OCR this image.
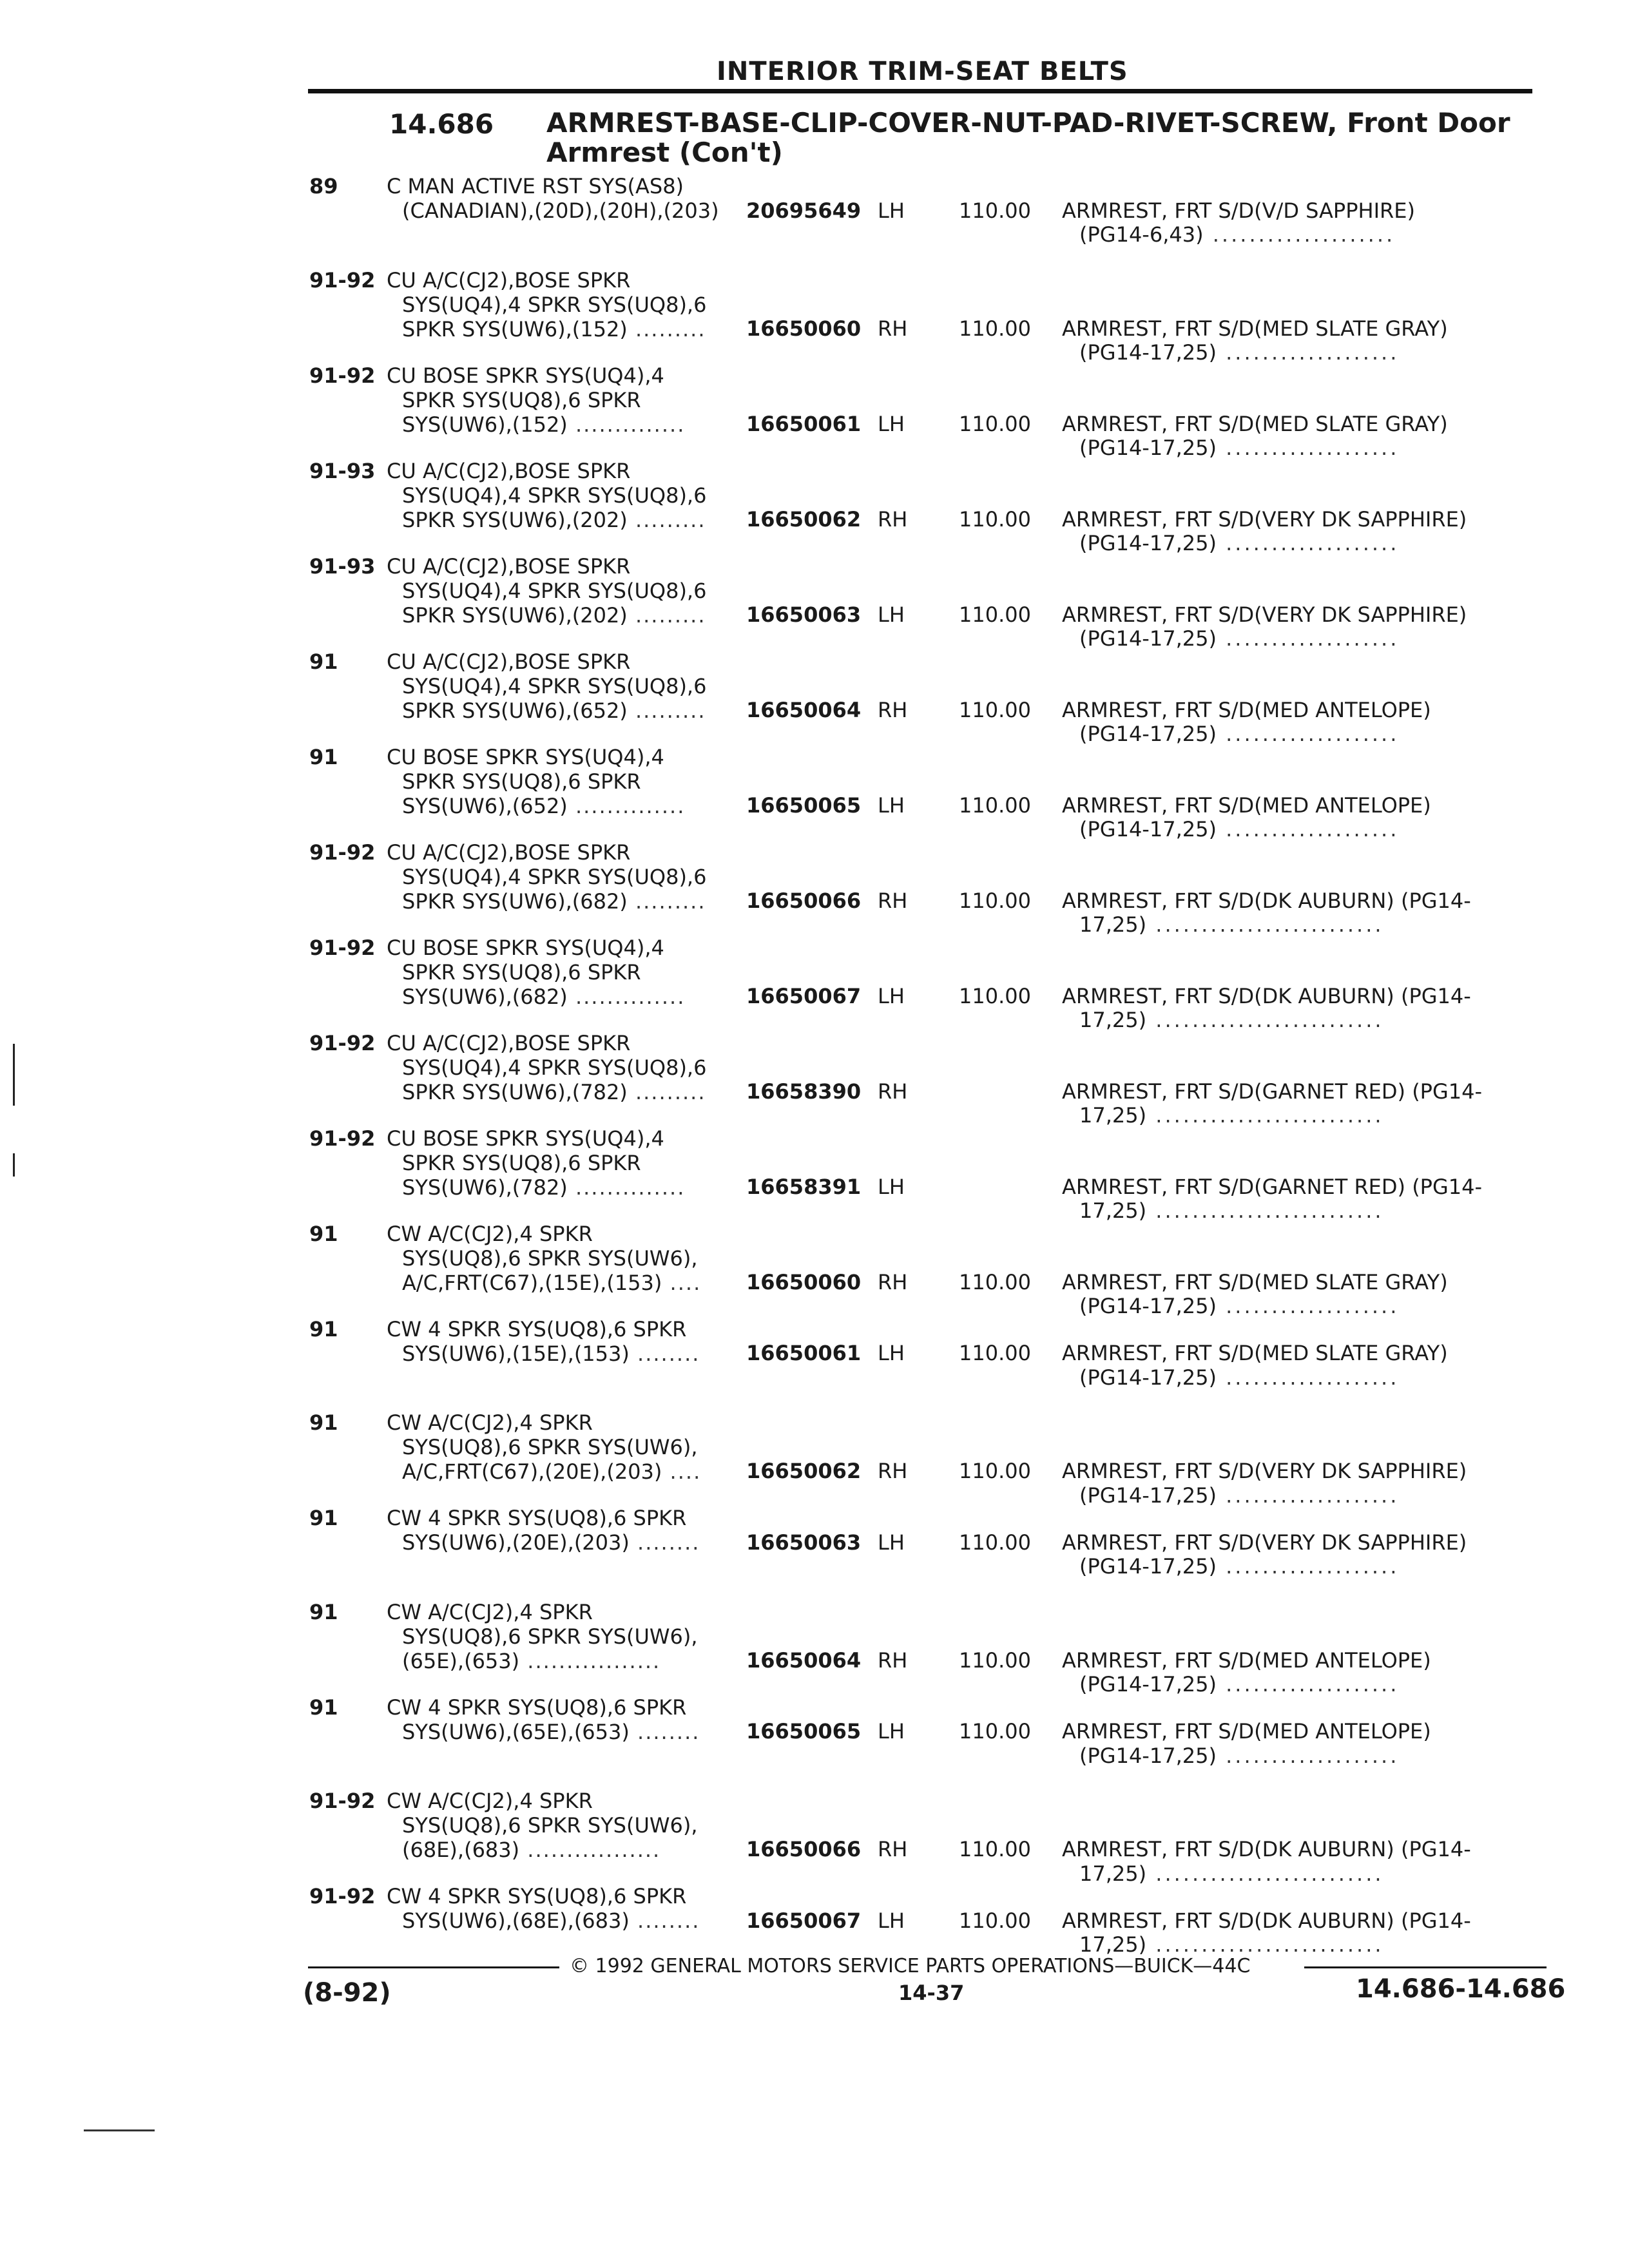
INTERIOR TRIM-SEAT BELTS
14.686 ARMREST-BASE-CLIP-COVER-NUT-PAD-RIVET-SCREW, Front Door
Armrest (Con't)
89 C MAN ACTIVE RST SYS(AS8)
(CANADIAN),(20D),(20H),(203) 20695649 LH	110.00 ARMREST, FRT S/D(V/D SAPPHIRE)
(PG14-6,43) ....................
91-92 CU A/C(CJ2),BOSE SPKR
SYS(UQ4),4 SPKR SYS(UQ8),6
SPKR SYS(UW6),(152) ......... 16650060 RH 110.00 ARMREST, FRT S/D(MED SLATE GRAY)
(PG14-17,25) ...................
91-92 CU BOSE SPKR SYS(UQ4),4
SPKR SYS(UQ8),6 SPKR
SYS(UW6),(152) ..............	16650061 LH	110.00 ARMREST, FRT S/D(MED SLATE GRAY)
(PG14-17,25) ...................
91-93 CU A/C(CJ2),BOSE SPKR
SYS(UQ4),4 SPKR SYS(UQ8),6
SPKR SYS(UW6),(202) ......... 16650062 RH 110.00 ARMREST, FRT S/D(VERY DK SAPPHIRE)
(PG14-17,25) ...................
91-93 CU A/C(CJ2),BOSE SPKR
SYS(UQ4),4 SPKR SYS(UQ8),6
SPKR SYS(UW6),(202) ......... 16650063 LH	110.00 ARMREST, FRT S/D(VERY DK SAPPHIRE)
(PG14-17,25) ...................
91 CU A/C(CJ2),BOSE SPKR
SYS(UQ4),4 SPKR SYS(UQ8),6
SPKR SYS(UW6),(652) ......... 16650064 RH 110.00 ARMREST, FRT S/D(MED ANTELOPE)
(PG14-17,25) ...................
91 CU BOSE SPKR SYS(UQ4),4
SPKR SYS(UQ8),6 SPKR
SYS(UW6),(652) ..............	16650065 LH	110.00 ARMREST, FRT S/D(MED ANTELOPE)
(PG14-17,25) ...................
91-92 CU A/C(CJ2),BOSE SPKR
SYS(UQ4),4 SPKR SYS(UQ8),6
SPKR SYS(UW6),(682) ......... 16650066 RH 110.00 ARMREST, FRT S/D(DK AUBURN) (PG14-
17,25) .........................
91-92 CU BOSE SPKR SYS(UQ4),4
SPKR SYS(UQ8),6 SPKR
SYS(UW6),(682) ..............	16650067 LH	110.00 ARMREST, FRT S/D(DK AUBURN) (PG14-
17,25) .........................
91-92 CU A/C(CJ2),BOSE SPKR
SYS(UQ4),4 SPKR SYS(UQ8),6
SPKR SYS(UW6),(782) ......... 16658390 RH	ARMREST, FRT S/D(GARNET RED) (PG14-
17,25) .........................
91-92 CU BOSE SPKR SYS(UQ4),4
SPKR SYS(UQ8),6 SPKR
SYS(UW6),(782) ..............	16658391 LH	ARMREST, FRT S/D(GARNET RED) (PG14-
17,25) .........................
91 CW A/C(CJ2),4 SPKR
SYS(UQ8),6 SPKR SYS(UW6),
A/C,FRT(C67),(15E),(153) .... 16650060 RH 110.00 ARMREST, FRT S/D(MED SLATE GRAY)
(PG14-17,25) ...................
91 CW 4 SPKR SYS(UQ8),6 SPKR
SYS(UW6),(15E),(153) ........ 16650061 LH	110.00 ARMREST, FRT S/D(MED SLATE GRAY)
(PG14-17,25) ...................
91 CW A/C(CJ2),4 SPKR
SYS(UQ8),6 SPKR SYS(UW6),
A/C,FRT(C67),(20E),(203) .... 16650062 RH 110.00 ARMREST, FRT S/D(VERY DK SAPPHIRE)
(PG14-17,25) ...................
91 CW 4 SPKR SYS(UQ8),6 SPKR
SYS(UW6),(20E),(203) ........ 16650063 LH	110.00 ARMREST, FRT S/D(VERY DK SAPPHIRE)
(PG14-17,25) ...................
91 CW A/C(CJ2),4 SPKR
SYS(UQ8),6 SPKR SYS(UW6),
(65E),(653) .................	16650064 RH 110.00 ARMREST, FRT S/D(MED ANTELOPE)
(PG14-17,25) ...................
91 CW 4 SPKR SYS(UQ8),6 SPKR
SYS(UW6),(65E),(653) ........ 16650065 LH	110.00 ARMREST, FRT S/D(MED ANTELOPE)
(PG14-17,25) ...................
91-92 CW A/C(CJ2),4 SPKR
SYS(UQ8),6 SPKR SYS(UW6),
(68E),(683) .................	16650066 RH 110.00 ARMREST, FRT S/D(DK AUBURN) (PG14-
17,25) .........................
91-92 CW 4 SPKR SYS(UQ8),6 SPKR
SYS(UW6),(68E),(683) ........ 16650067 LH	110.00 ARMREST, FRT S/D(DK AUBURN) (PG14-
17,25) .........................
© 1992 GENERAL MOTORS SERVICE PARTS OPERATIONS—BUICK—44C
(8-92)	14-37	14.686-14.686
